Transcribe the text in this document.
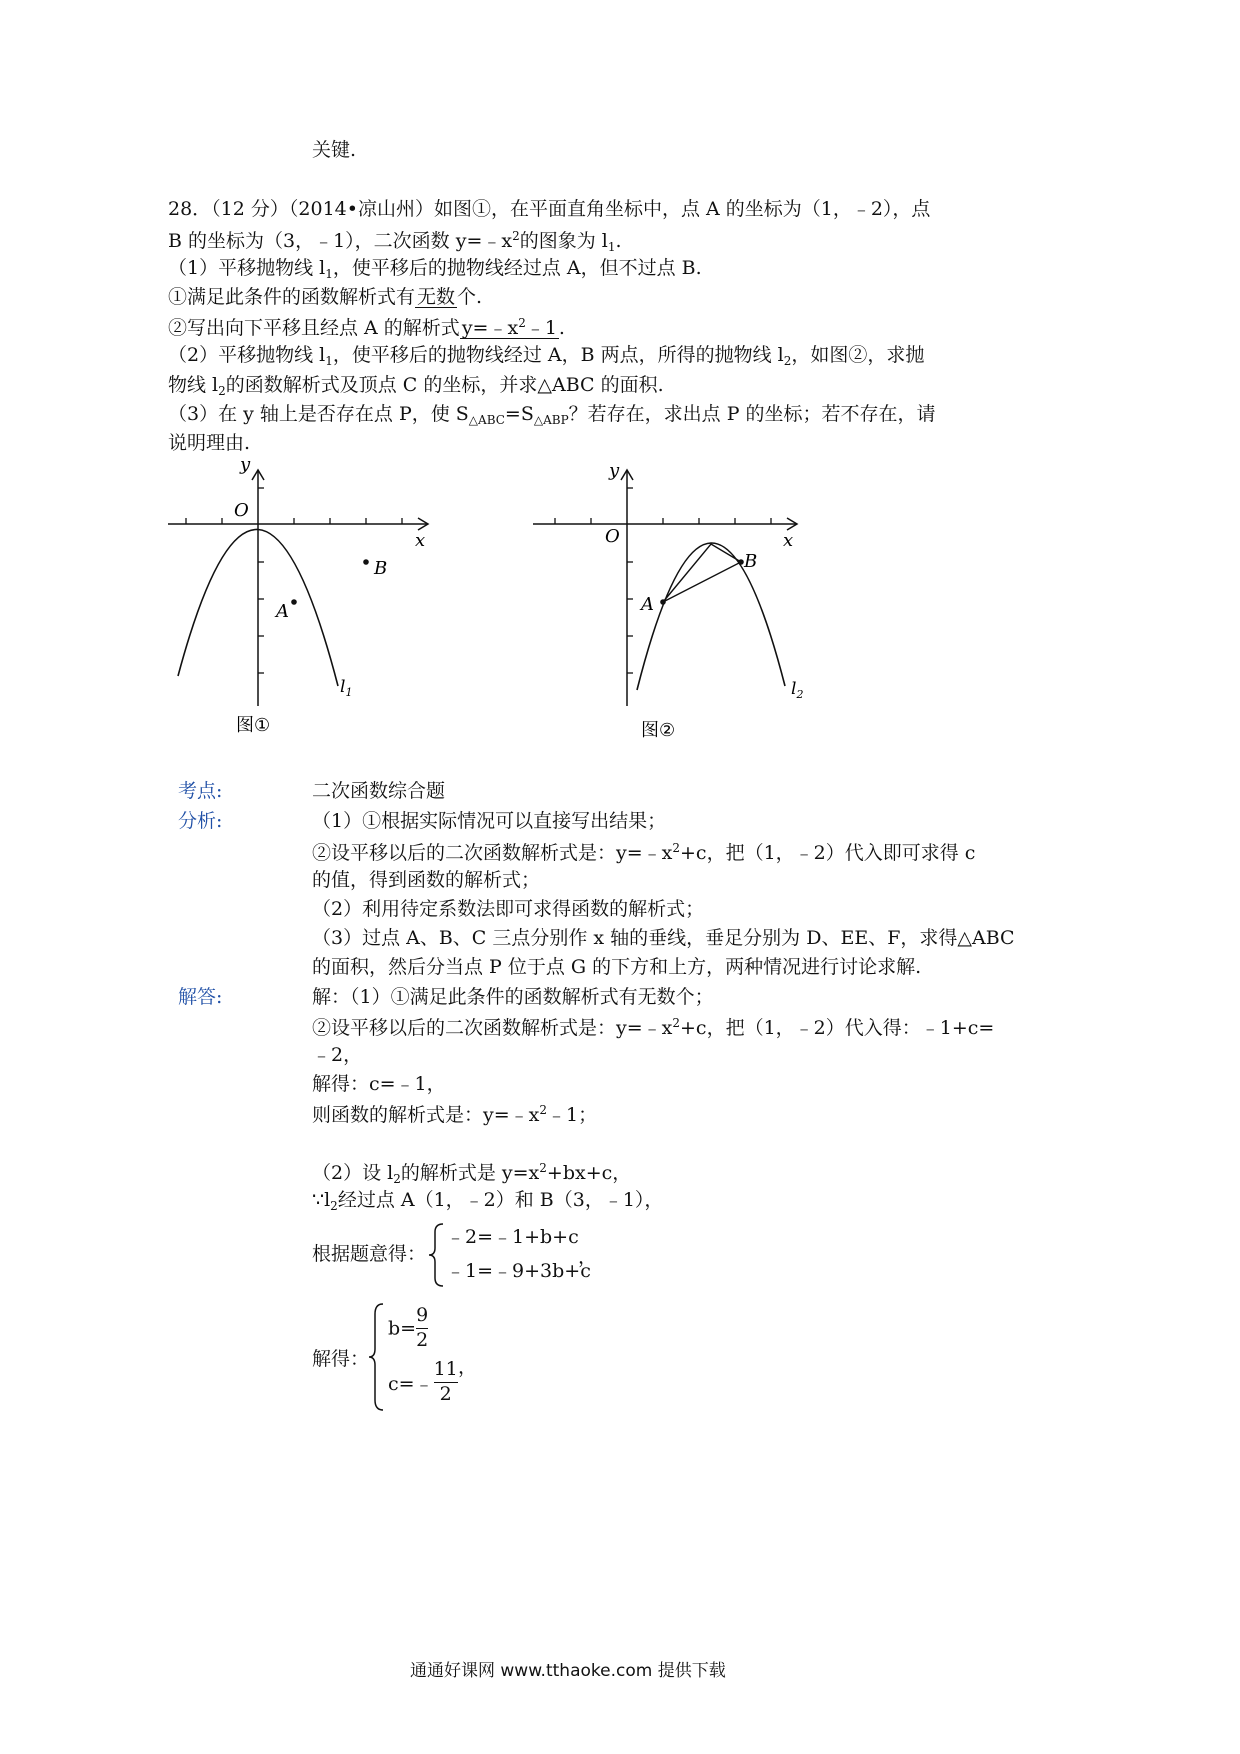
关键.
28．（12 分）（2014•凉山州）如图①，在平面直角坐标中，点 A 的坐标为（1，﹣2），点
B 的坐标为（3，﹣1），二次函数 $y=﹣x^2$的图象为 $l_1$.
（1）平移抛物线 $l_1$，使平移后的抛物线经过点 A，但不过点 B.
①满足此条件的函数解析式有 无数 个.
②写出向下平移且经点 A 的解析式 $y=﹣x^2﹣1$ .
（2）平移抛物线 $l_1$，使平移后的抛物线经过 A，B 两点，所得的抛物线 $l_2$，如图②，求抛
物线 $l_2$的函数解析式及顶点 C 的坐标，并求△ABC 的面积.
（3）在 y 轴上是否存在点 P，使 $S_{\triangle ABC}=S_{\triangle ABP}$？若存在，求出点 P 的坐标；若不存在，请
说明理由.
O
y
x
A
B
$l_1$
图①
O
y
x
A
B
$l_2$
图②
考点:	二次函数综合题
分析:	（1）①根据实际情况可以直接写出结果；
②设平移以后的二次函数解析式是：$y=﹣x^2+c$，把（1，﹣2）代入即可求得 c
的值，得到函数的解析式；
（2）利用待定系数法即可求得函数的解析式；
（3）过点 A、B、C 三点分别作 x 轴的垂线，垂足分别为 D、EE、F，求得△ABC
的面积，然后分当点 P 位于点 G 的下方和上方，两种情况进行讨论求解.
解答:	解：（1）①满足此条件的函数解析式有无数个；
②设平移以后的二次函数解析式是：$y=﹣x^2+c$，把（1，﹣2）代入得：﹣1+c=
﹣2，
解得：c=﹣1，
则函数的解析式是：$y=﹣x^2﹣1$；
（2）设 $l_2$的解析式是 $y=x^2+bx+c$，
$\because l_2$经过点 A（1，﹣2）和 B（3，﹣1），
根据题意得：
﹣2=﹣1+b+c
﹣1=﹣9+3b+c
，
解得：
$b= \frac{9}{2}$
c=﹣ $\frac{11}{2}$ ，
通通好课网 www.tthaoke.com 提供下载
